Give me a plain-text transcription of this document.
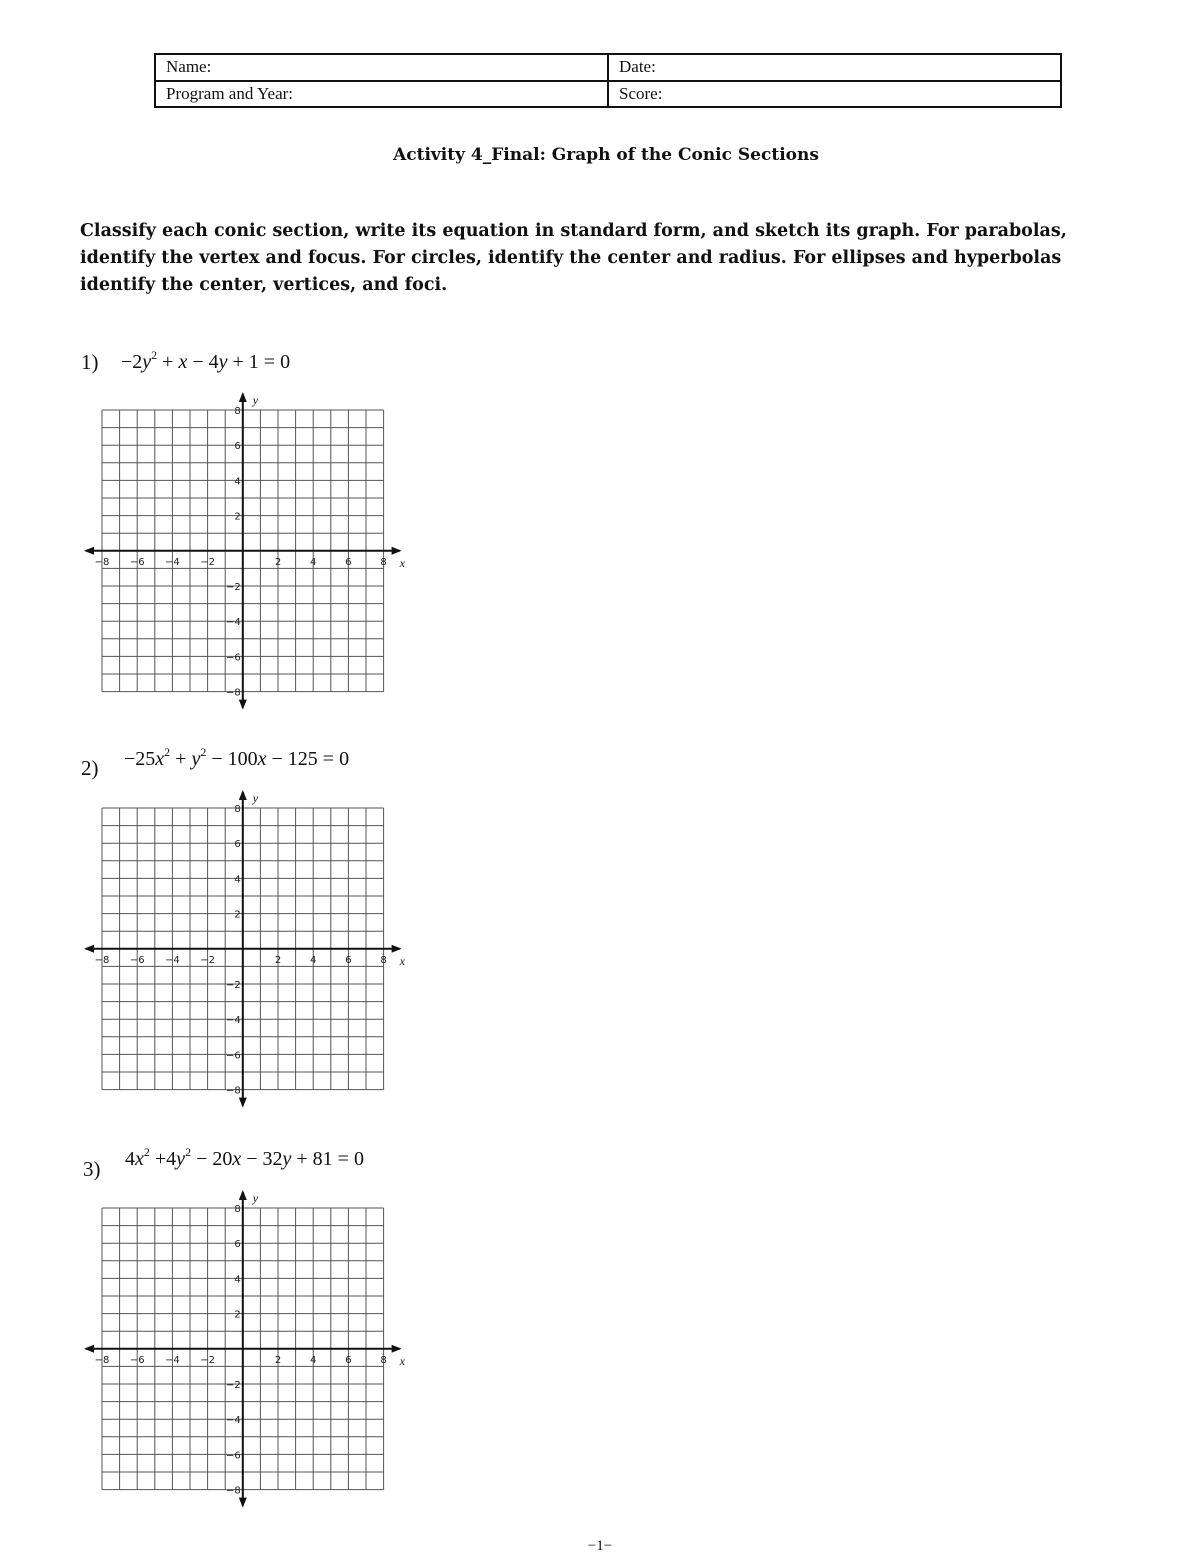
Name:	Date:
Program and Year:	Score:
Activity 4_Final: Graph of the Conic Sections
Classify each conic section, write its equation in standard form, and sketch its graph. For parabolas, identify the vertex and focus. For circles, identify the center and radius. For ellipses and hyperbolas identify the center, vertices, and foci.
$1) -2y^2 + x - 4y + 1 = 0$
−8 −6 −4 −2	2	4	6	8
8
6
4
2
−2
−4
−6
−8
x
y
$2) -25x^2 + y^2 - 100x - 125 = 0$
−8 −6 −4 −2	2	4	6	8
8
6
4
2
−2
−4
−6
−8
x
y
3) $4x^2 +4y^2 - 20x - 32y + 81 = 0$
−8 −6 −4 −2	2	4	6	8
8
6
4
2
−2
−4
−6
−8
x
y
−1−
